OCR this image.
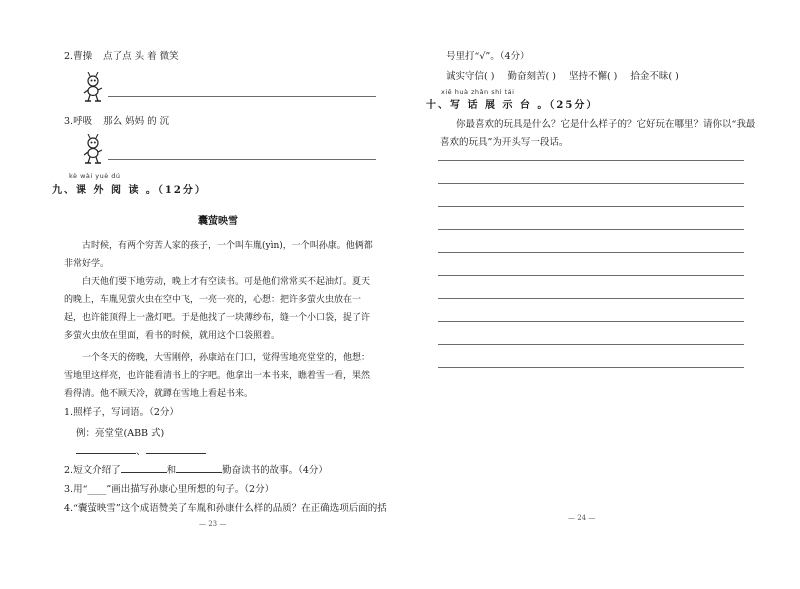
2.曹操 点了点 头 着 微笑
3.呼吸 那么 妈妈 的 沉
kè wài yuè dú
九、课 外 阅 读 。（12分）
囊萤映雪
古时候，有两个穷苦人家的孩子，一个叫车胤(yìn)，一个叫孙康。他俩都非常好学。
白天他们要下地劳动，晚上才有空读书。可是他们常常买不起油灯。夏天的晚上，车胤见萤火虫在空中飞，一亮一亮的，心想：把许多萤火虫放在一起，也许能顶得上一盏灯吧。于是他找了一块薄纱布，缝一个小口袋，捉了许多萤火虫放在里面，看书的时候，就用这个口袋照着。
一个冬天的傍晚，大雪刚停，孙康站在门口，觉得雪地亮堂堂的，他想：雪地里这样亮，也许能看清书上的字吧。他拿出一本书来，瞧着雪一看，果然看得清。他不顾天冷，就蹲在雪地上看起书来。
1.照样子，写词语。（2分）
例：亮堂堂(ABB 式)
、
2.短文介绍了	和	勤奋读书的故事。（4分）
3.用“____”画出描写孙康心里所想的句子。（2分）
4.“囊萤映雪”这个成语赞美了车胤和孙康什么样的品质？在正确选项后面的括
— 23 —
号里打“√”。（4分）
诚实守信( ) 勤奋刻苦( ) 坚持不懈( ) 拾金不昧( )
xiě huà zhǎn shì tái
十、写 话 展 示 台 。（25分）
你最喜欢的玩具是什么？它是什么样子的？它好玩在哪里？请你以“我最
喜欢的玩具”为开头写一段话。
— 24 —
